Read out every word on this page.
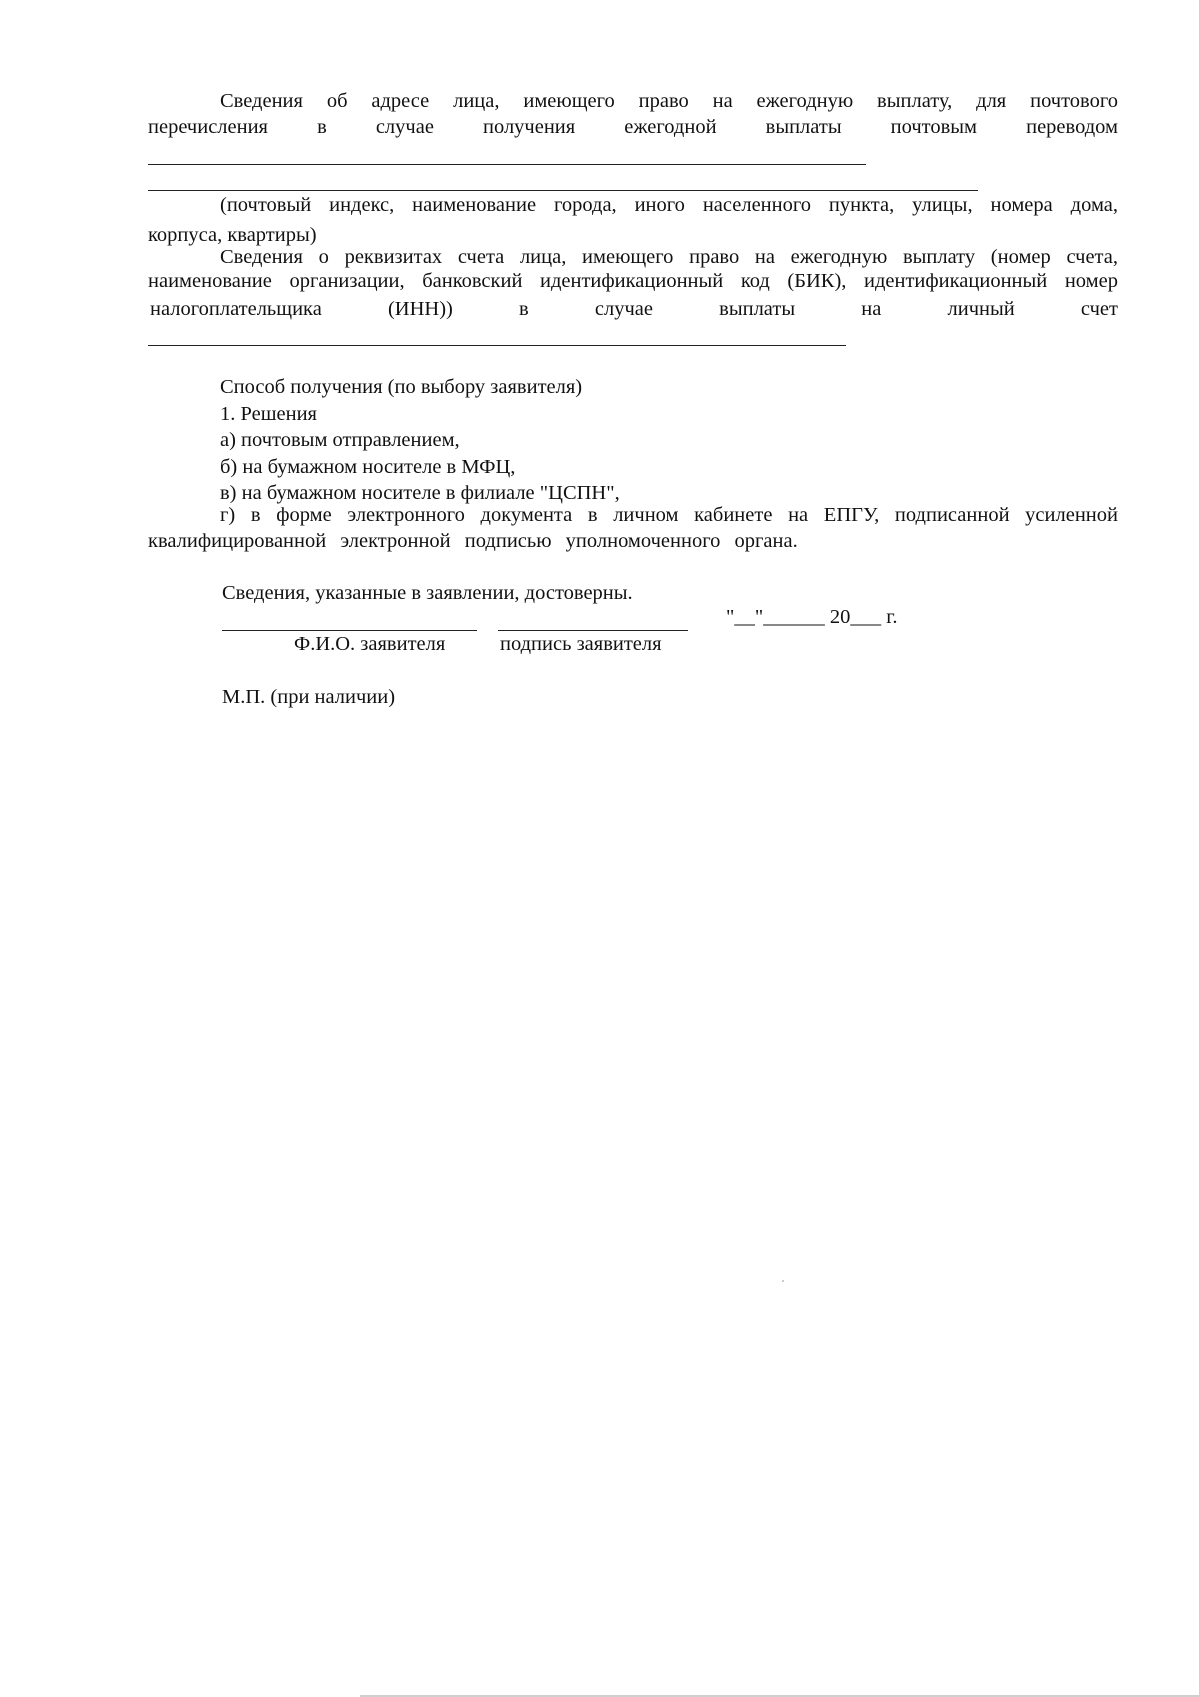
Сведения об адресе лица, имеющего право на ежегодную выплату, для почтового
перечисления в случае получения ежегодной выплаты почтовым переводом
(почтовый индекс, наименование города, иного населенного пункта, улицы, номера дома,
корпуса, квартиры)
Сведения о реквизитах счета лица, имеющего право на ежегодную выплату (номер счета,
наименование организации, банковский идентификационный код (БИК), идентификационный номер
налогоплательщика (ИНН)) в случае выплаты на личный счет
Способ получения (по выбору заявителя)
1. Решения
а) почтовым отправлением,
б) на бумажном носителе в МФЦ,
в) на бумажном носителе в филиале "ЦСПН",
г) в форме электронного документа в личном кабинете на ЕПГУ, подписанной усиленной
квалифицированной электронной подписью уполномоченного органа.
Сведения, указанные в заявлении, достоверны.
"__"______ 20___ г.
Ф.И.О. заявителя	подпись заявителя
М.П. (при наличии)
